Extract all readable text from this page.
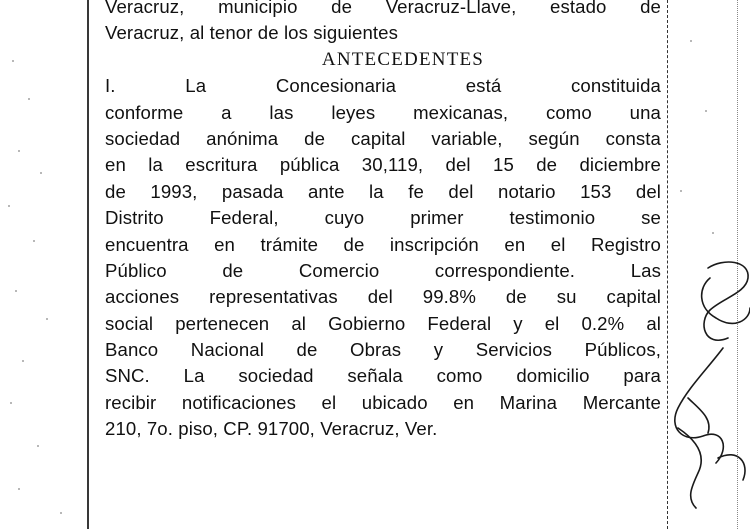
Veracruz, municipio de Veracruz-Llave, estado de
Veracruz, al tenor de los siguientes
ANTECEDENTES
I. La Concesionaria está constituida
conforme a las leyes mexicanas, como una
sociedad anónima de capital variable, según consta
en la escritura pública 30,119, del 15 de diciembre
de 1993, pasada ante la fe del notario 153 del
Distrito Federal, cuyo primer testimonio se
encuentra en trámite de inscripción en el Registro
Público de Comercio correspondiente. Las
acciones representativas del 99.8% de su capital
social pertenecen al Gobierno Federal y el 0.2% al
Banco Nacional de Obras y Servicios Públicos,
SNC. La sociedad señala como domicilio para
recibir notificaciones el ubicado en Marina Mercante
210, 7o. piso, CP. 91700, Veracruz, Ver.
